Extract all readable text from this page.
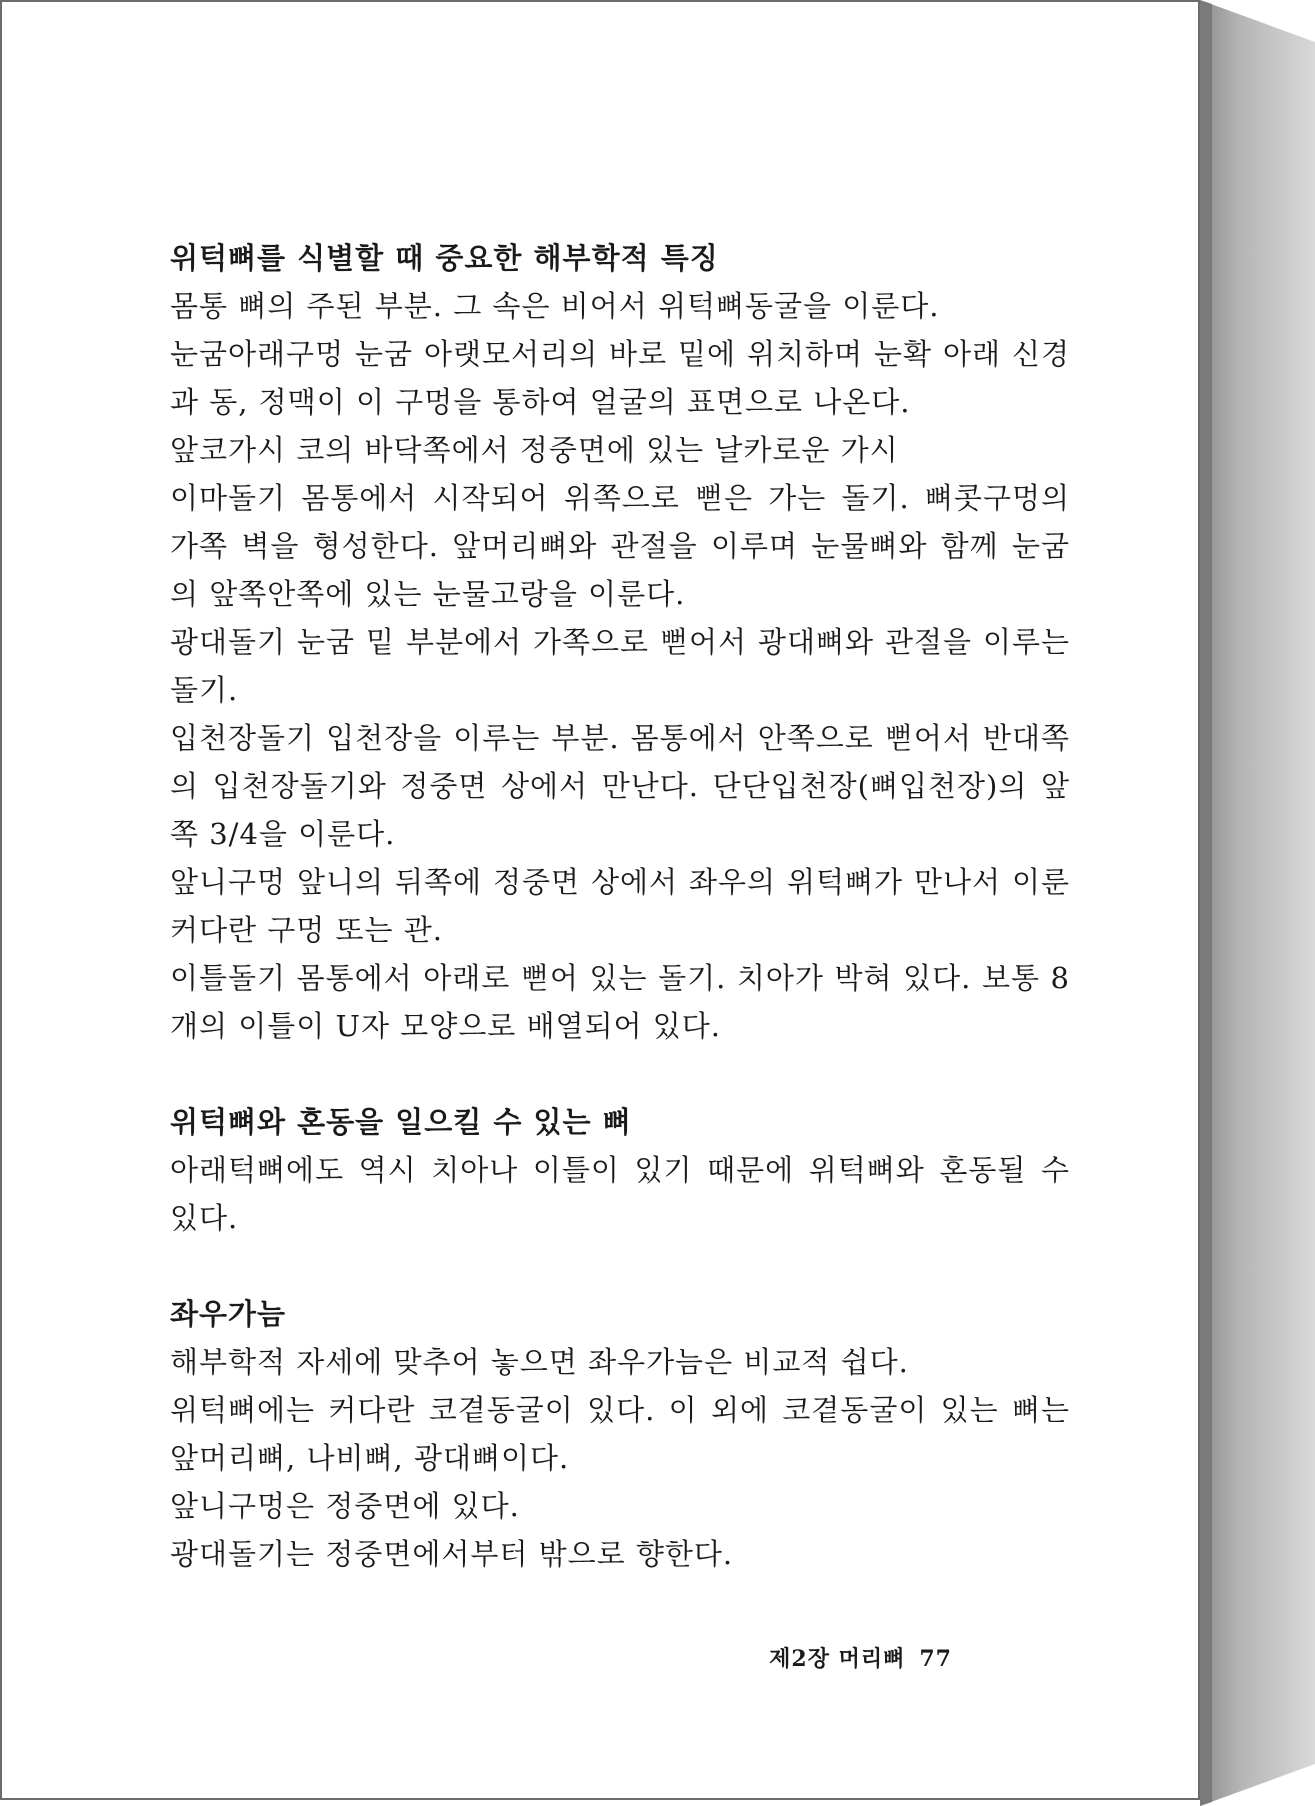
위턱뼈를 식별할 때 중요한 해부학적 특징

몸통 뼈의 주된 부분. 그 속은 비어서 위턱뼈동굴을 이룬다.

눈굼아래구멍 눈굼 아랫모서리의 바로 밑에 위치하며 눈확 아래 신경과 동, 정맥이 이 구멍을 통하여 얼굴의 표면으로 나온다.

앞코가시 코의 바닥쪽에서 정중면에 있는 날카로운 가시

이마돌기 몸통에서 시작되어 위쪽으로 뻗은 가는 돌기. 뼈콧구멍의 가쪽 벽을 형성한다. 앞머리뼈와 관절을 이루며 눈물뼈와 함께 눈굼의 앞쪽안쪽에 있는 눈물고랑을 이룬다.

광대돌기 눈굼 밑 부분에서 가쪽으로 뻗어서 광대뼈와 관절을 이루는 돌기.

입천장돌기 입천장을 이루는 부분. 몸통에서 안쪽으로 뻗어서 반대쪽의 입천장돌기와 정중면 상에서 만난다. 단단입천장(뼈입천장)의 앞쪽 3/4을 이룬다.

앞니구멍 앞니의 뒤쪽에 정중면 상에서 좌우의 위턱뼈가 만나서 이룬 커다란 구멍 또는 관.

이틀돌기 몸통에서 아래로 뻗어 있는 돌기. 치아가 박혀 있다. 보통 8개의 이틀이 U자 모양으로 배열되어 있다.

위턱뼈와 혼동을 일으킬 수 있는 뼈

아래턱뼈에도 역시 치아나 이틀이 있기 때문에 위턱뼈와 혼동될 수 있다.

좌우가늠

해부학적 자세에 맞추어 놓으면 좌우가늠은 비교적 쉽다.

위턱뼈에는 커다란 코곁동굴이 있다. 이 외에 코곁동굴이 있는 뼈는 앞머리뼈, 나비뼈, 광대뼈이다.

앞니구멍은 정중면에 있다.

광대돌기는 정중면에서부터 밖으로 향한다.

제2장 머리뼈 77
